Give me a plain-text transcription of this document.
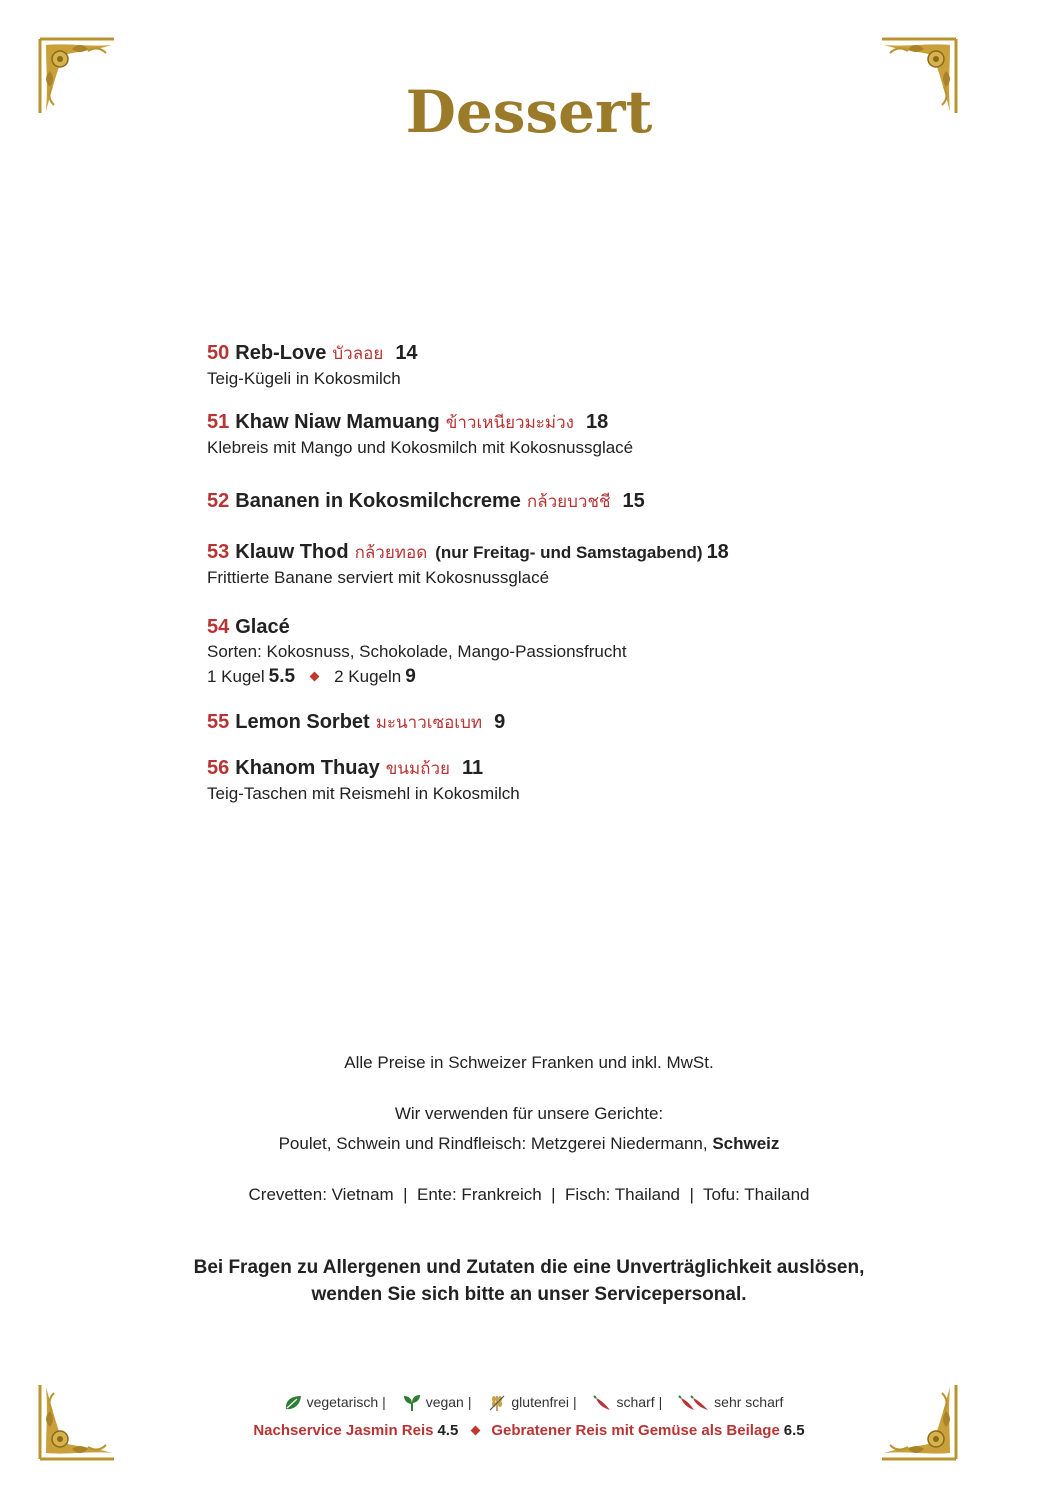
Dessert
50 Reb-Love บัวลอย 14
Teig-Kügeli in Kokosmilch
51 Khaw Niaw Mamuang ข้าวเหนียวมะม่วง 18
Klebreis mit Mango und Kokosmilch mit Kokosnussglacé
52 Bananen in Kokosmilchcreme กล้วยบวชชี 15
53 Klauw Thod กล้วยทอด (nur Freitag- und Samstagabend) 18
Frittierte Banane serviert mit Kokosnussglacé
54 Glacé
Sorten: Kokosnuss, Schokolade, Mango-Passionsfrucht
1 Kugel 5.5 2 Kugeln 9
55 Lemon Sorbet มะนาวเซอเบท 9
56 Khanom Thuay ขนมถ้วย 11
Teig-Taschen mit Reismehl in Kokosmilch
Alle Preise in Schweizer Franken und inkl. MwSt.
Wir verwenden für unsere Gerichte:
Poulet, Schwein und Rindfleisch: Metzgerei Niedermann, Schweiz
Crevetten: Vietnam  |  Ente: Frankreich  |  Fisch: Thailand  |  Tofu: Thailand
Bei Fragen zu Allergenen und Zutaten die eine Unverträglichkeit auslösen,
wenden Sie sich bitte an unser Servicepersonal.
vegetarisch |	vegan |	glutenfrei |	scharf |	sehr scharf
Nachservice Jasmin Reis 4.5 Gebratener Reis mit Gemüse als Beilage 6.5
